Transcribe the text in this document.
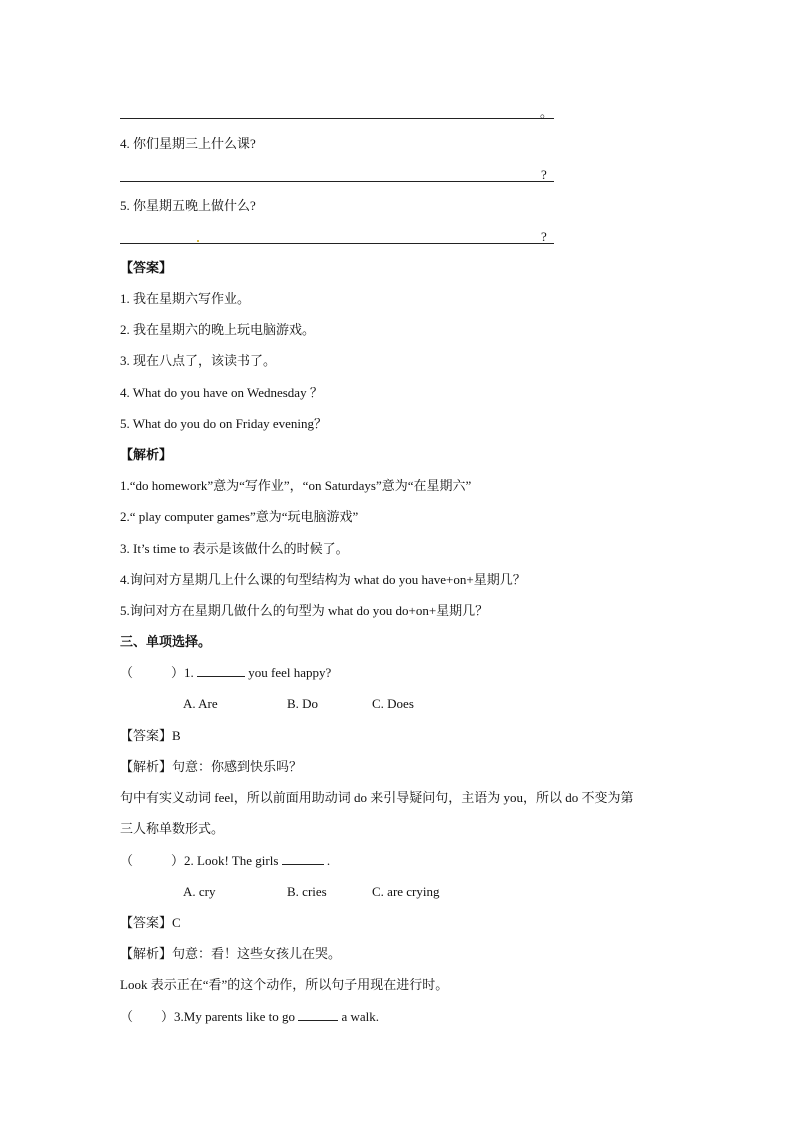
。
4. 你们星期三上什么课?
?
5. 你星期五晚上做什么?
?
【答案】
1. 我在星期六写作业。
2. 我在星期六的晚上玩电脑游戏。
3. 现在八点了，该读书了。
4. What do you have on Wednesday ？
5. What do you do on Friday evening？
【解析】
1.“do homework”意为“写作业”，“on Saturdays”意为“在星期六”
2.“ play computer games”意为“玩电脑游戏”
3. It’s time to 表示是该做什么的时候了。
4.询问对方星期几上什么课的句型结构为 what do you have+on+星期几？
5.询问对方在星期几做什么的句型为 what do you do+on+星期几？
三、单项选择。
（	）1.	you feel happy?
A. Are	B. Do	C. Does
【答案】B
【解析】句意：你感到快乐吗？
句中有实义动词 feel，所以前面用助动词 do 来引导疑问句，主语为 you，所以 do 不变为第
三人称单数形式。
（	）2. Look! The girls	.
A. cry	B. cries	C. are crying
【答案】C
【解析】句意：看！这些女孩儿在哭。
Look 表示正在“看”的这个动作，所以句子用现在进行时。
（ ）3.My parents like to go	a walk.
